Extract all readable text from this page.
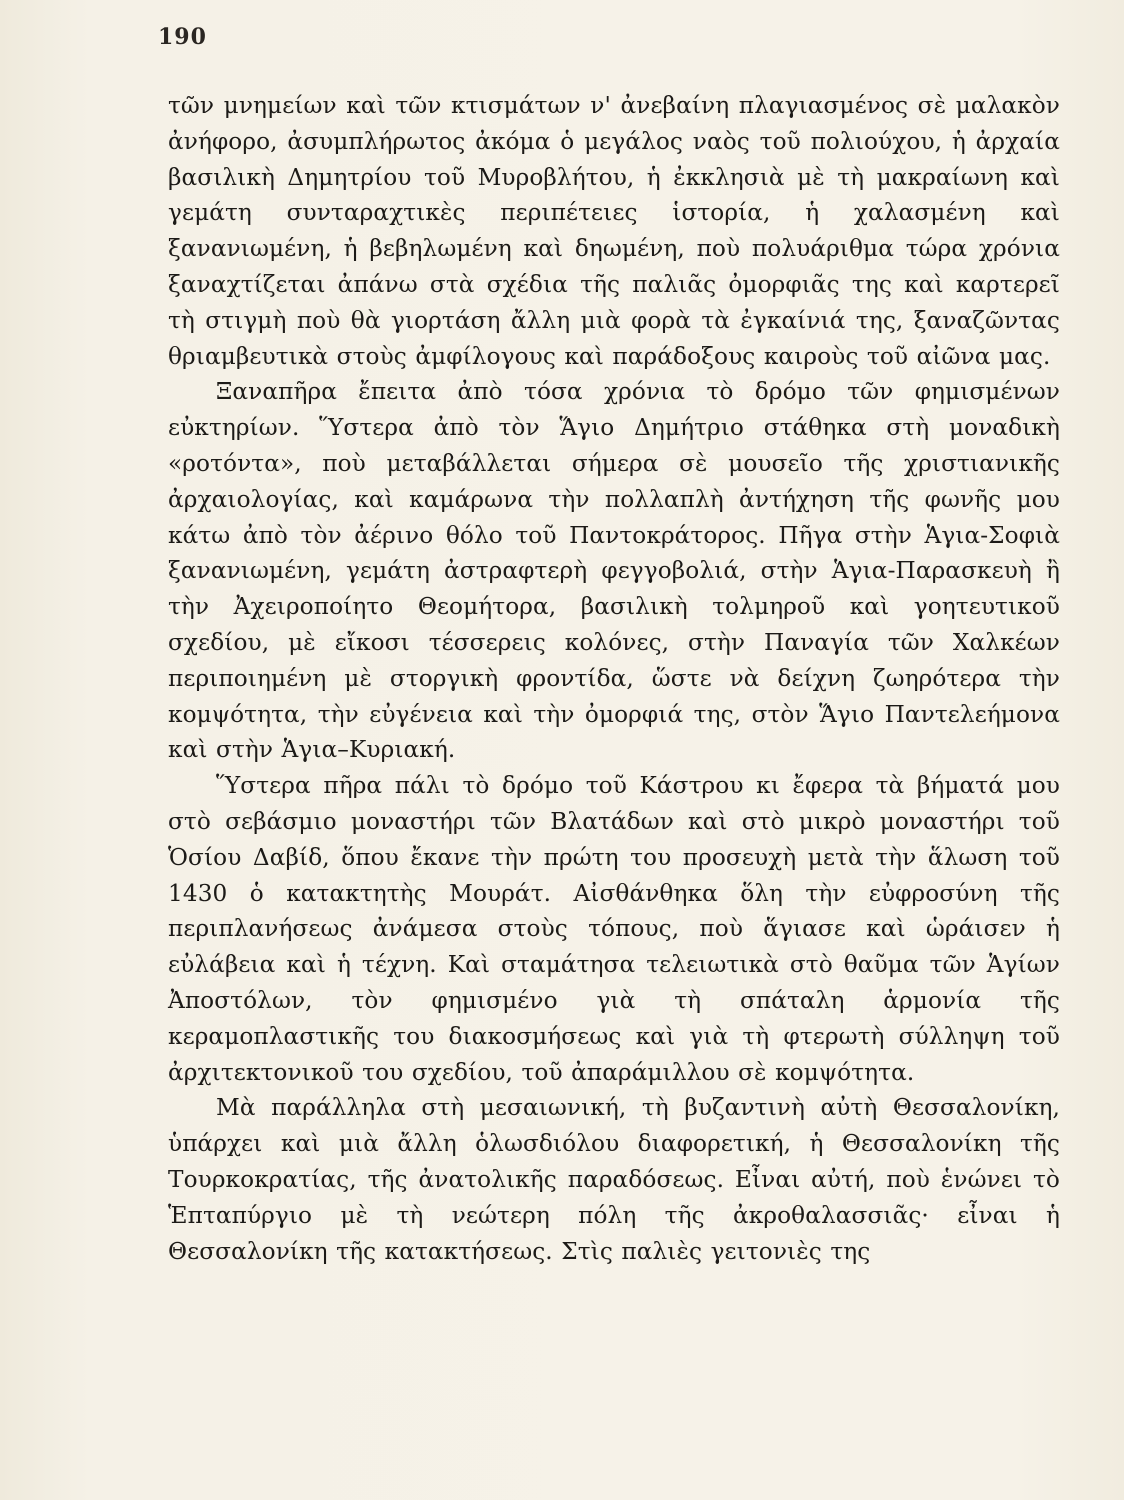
190

τῶν μνημείων καὶ τῶν κτισμάτων ν' ἀνεβαίνη πλαγιασμένος σὲ μαλακὸν ἀνήφορο, ἀσυμπλήρωτος ἀκόμα ὁ μεγάλος ναὸς τοῦ πολιούχου, ἡ ἀρχαία βασιλικὴ Δημητρίου τοῦ Μυροβλήτου, ἡ ἐκκλησιὰ μὲ τὴ μακραίωνη καὶ γεμάτη συνταραχτικὲς περιπέτειες ἱστορία, ἡ χαλασμένη καὶ ξανανιωμένη, ἡ βεβηλωμένη καὶ δηωμένη, ποὺ πολυάριθμα τώρα χρόνια ξαναχτίζεται ἀπάνω στὰ σχέδια τῆς παλιᾶς ὀμορφιᾶς της καὶ καρτερεῖ τὴ στιγμὴ ποὺ θὰ γιορτάση ἄλλη μιὰ φορὰ τὰ ἐγκαίνιά της, ξαναζῶντας θριαμβευτικὰ στοὺς ἀμφίλογους καὶ παράδοξους καιροὺς τοῦ αἰῶνα μας.

Ξαναπῆρα ἔπειτα ἀπὸ τόσα χρόνια τὸ δρόμο τῶν φημισμένων εὐκτηρίων. Ὕστερα ἀπὸ τὸν Ἅγιο Δημήτριο στάθηκα στὴ μοναδικὴ «ροτόντα», ποὺ μεταβάλλεται σήμερα σὲ μουσεῖο τῆς χριστιανικῆς ἀρχαιολογίας, καὶ καμάρωνα τὴν πολλαπλὴ ἀντήχηση τῆς φωνῆς μου κάτω ἀπὸ τὸν ἀέρινο θόλο τοῦ Παντοκράτορος. Πῆγα στὴν Ἁγια-Σοφιὰ ξανανιωμένη, γεμάτη ἀστραφτερὴ φεγγοβολιά, στὴν Ἁγια-Παρασκευὴ ἢ τὴν Ἀχειροποίητο Θεομήτορα, βασιλικὴ τολμηροῦ καὶ γοητευτικοῦ σχεδίου, μὲ εἴκοσι τέσσερεις κολόνες, στὴν Παναγία τῶν Χαλκέων περιποιημένη μὲ στοργικὴ φροντίδα, ὥστε νὰ δείχνη ζωηρότερα τὴν κομψότητα, τὴν εὐγένεια καὶ τὴν ὀμορφιά της, στὸν Ἅγιο Παντελεήμονα καὶ στὴν Ἁγια–Κυριακή.

Ὕστερα πῆρα πάλι τὸ δρόμο τοῦ Κάστρου κι ἔφερα τὰ βήματά μου στὸ σεβάσμιο μοναστήρι τῶν Βλατάδων καὶ στὸ μικρὸ μοναστήρι τοῦ Ὁσίου Δαβίδ, ὅπου ἔκανε τὴν πρώτη του προσευχὴ μετὰ τὴν ἅλωση τοῦ 1430 ὁ κατακτητὴς Μουράτ. Αἰσθάνθηκα ὅλη τὴν εὐφροσύνη τῆς περιπλανήσεως ἀνάμεσα στοὺς τόπους, ποὺ ἅγιασε καὶ ὡράισεν ἡ εὐλάβεια καὶ ἡ τέχνη. Καὶ σταμάτησα τελειωτικὰ στὸ θαῦμα τῶν Ἁγίων Ἀποστόλων, τὸν φημισμένο γιὰ τὴ σπάταλη ἁρμονία τῆς κεραμοπλαστικῆς του διακοσμήσεως καὶ γιὰ τὴ φτερωτὴ σύλληψη τοῦ ἀρχιτεκτονικοῦ του σχεδίου, τοῦ ἀπαράμιλλου σὲ κομψότητα.

Μὰ παράλληλα στὴ μεσαιωνική, τὴ βυζαντινὴ αὐτὴ Θεσσαλονίκη, ὑπάρχει καὶ μιὰ ἄλλη ὁλωσδιόλου διαφορετική, ἡ Θεσσαλονίκη τῆς Τουρκοκρατίας, τῆς ἀνατολικῆς παραδόσεως. Εἶναι αὐτή, ποὺ ἑνώνει τὸ Ἑπταπύργιο μὲ τὴ νεώτερη πόλη τῆς ἀκροθαλασσιᾶς· εἶναι ἡ Θεσσαλονίκη τῆς κατακτήσεως. Στὶς παλιὲς γειτονιὲς της
